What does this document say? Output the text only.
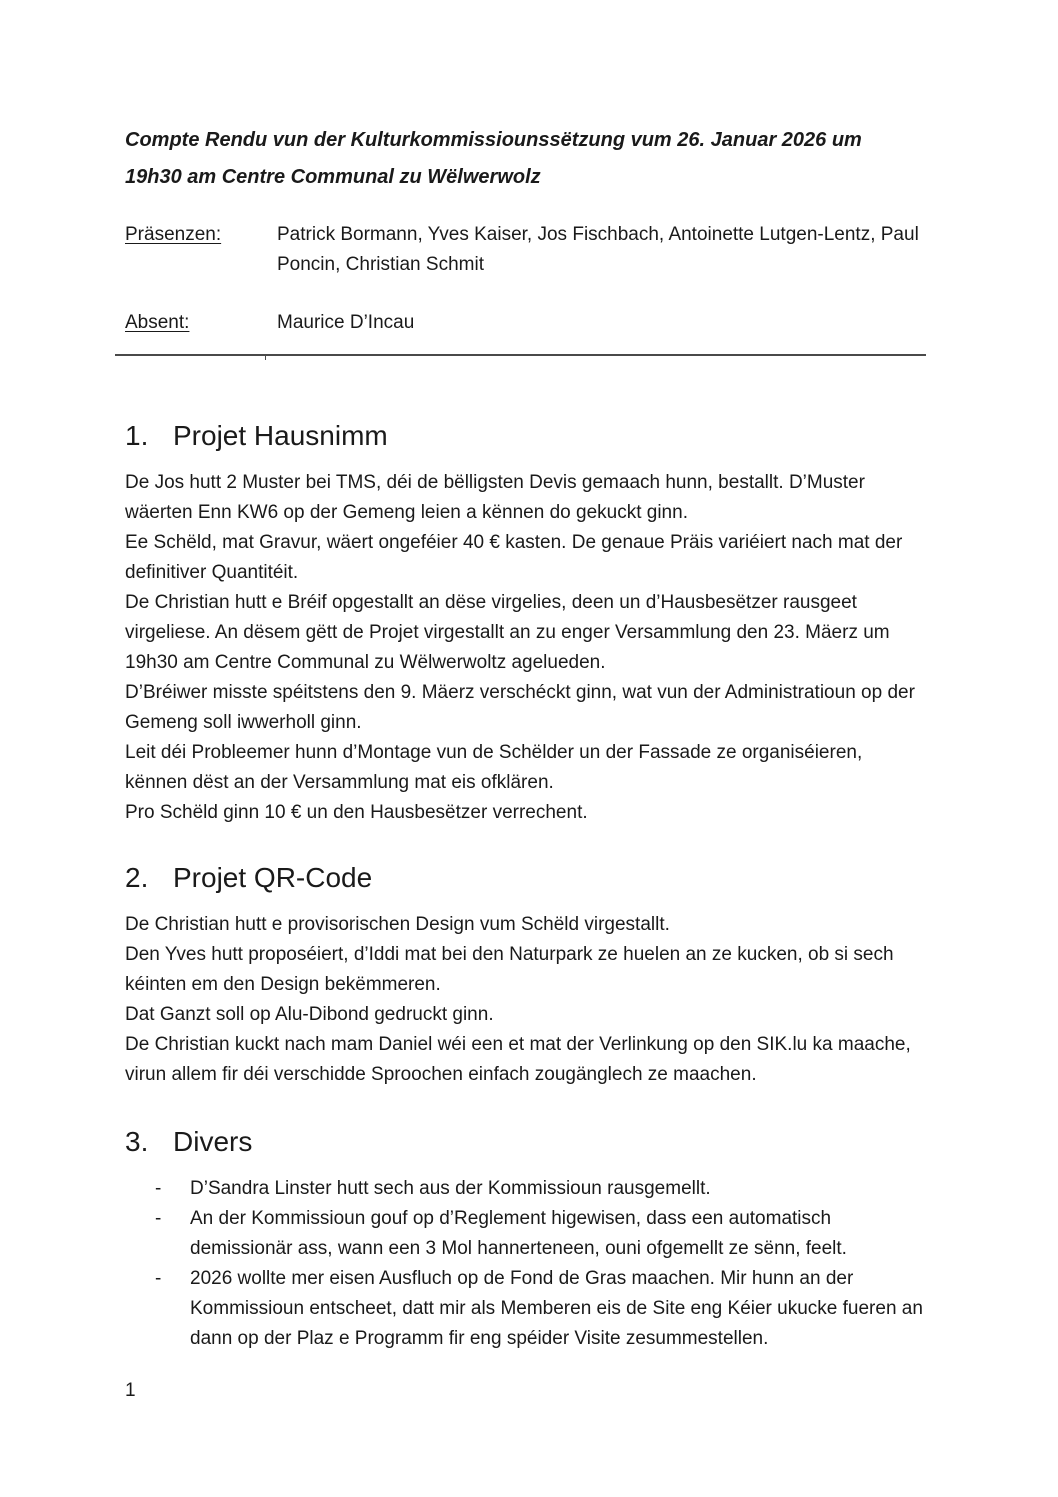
Compte Rendu vun der Kulturkommissiounssëtzung vum 26. Januar 2026 um 19h30 am Centre Communal zu Wëlwerwolz
Präsenzen:	Patrick Bormann, Yves Kaiser, Jos Fischbach, Antoinette Lutgen-Lentz, Paul Poncin, Christian Schmit
Absent:	Maurice D’Incau
1. Projet Hausnimm
De Jos hutt 2 Muster bei TMS, déi de bëlligsten Devis gemaach hunn, bestallt. D’Muster wäerten Enn KW6 op der Gemeng leien a kënnen do gekuckt ginn.
Ee Schëld, mat Gravur, wäert ongeféier 40 € kasten. De genaue Präis variéiert nach mat der definitiver Quantitéit.
De Christian hutt e Bréif opgestallt an dëse virgelies, deen un d’Hausbesëtzer rausgeet virgeliese. An dësem gëtt de Projet virgestallt an zu enger Versammlung den 23. Mäerz um 19h30 am Centre Communal zu Wëlwerwoltz agelueden.
D’Bréiwer misste spéitstens den 9. Mäerz verschéckt ginn, wat vun der Administratioun op der Gemeng soll iwwerholl ginn.
Leit déi Probleemer hunn d’Montage vun de Schëlder un der Fassade ze organiséieren, kënnen dëst an der Versammlung mat eis ofklären.
Pro Schëld ginn 10 € un den Hausbesëtzer verrechent.
2. Projet QR-Code
De Christian hutt e provisorischen Design vum Schëld virgestallt.
Den Yves hutt proposéiert, d’Iddi mat bei den Naturpark ze huelen an ze kucken, ob si sech kéinten em den Design bekëmmeren.
Dat Ganzt soll op Alu-Dibond gedruckt ginn.
De Christian kuckt nach mam Daniel wéi een et mat der Verlinkung op den SIK.lu ka maache, virun allem fir déi verschidde Sproochen einfach zougänglech ze maachen.
3. Divers
-	D’Sandra Linster hutt sech aus der Kommissioun rausgemellt.
-	An der Kommissioun gouf op d’Reglement higewisen, dass een automatisch demissionär ass, wann een 3 Mol hannerteneen, ouni ofgemellt ze sënn, feelt.
-	2026 wollte mer eisen Ausfluch op de Fond de Gras maachen. Mir hunn an der Kommissioun entscheet, datt mir als Memberen eis de Site eng Kéier ukucke fueren an dann op der Plaz e Programm fir eng spéider Visite zesummestellen.
1
